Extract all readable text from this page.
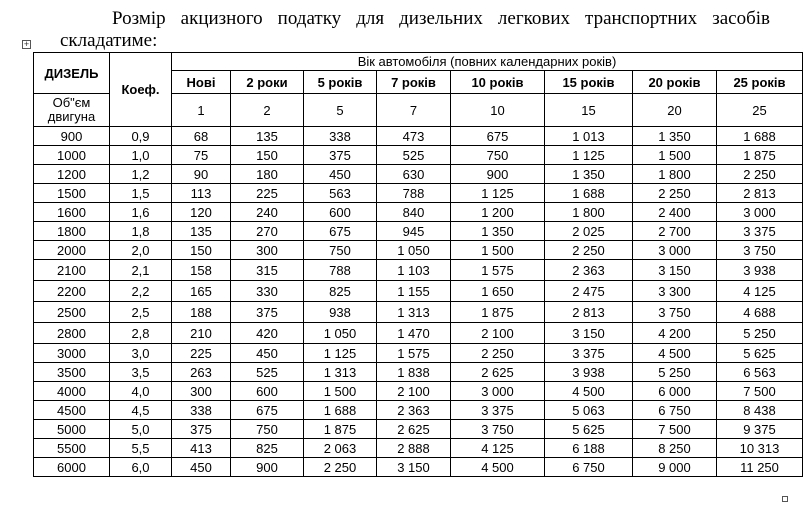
Розмір акцизного податку для дизельних легкових транспортних засобів складатиме:
+
ДИЗЕЛЬ	Коеф.	Вік автомобіля (повних календарних років)							
		Нові	2 роки	5 років	7 років	10 років	15 років	20 років	25 років
Об"єм двигуна		1	2	5	7	10	15	20	25
900	0,9	68	135	338	473	675	1 013	1 350	1 688
1000	1,0	75	150	375	525	750	1 125	1 500	1 875
1200	1,2	90	180	450	630	900	1 350	1 800	2 250
1500	1,5	113	225	563	788	1 125	1 688	2 250	2 813
1600	1,6	120	240	600	840	1 200	1 800	2 400	3 000
1800	1,8	135	270	675	945	1 350	2 025	2 700	3 375
2000	2,0	150	300	750	1 050	1 500	2 250	3 000	3 750
2100	2,1	158	315	788	1 103	1 575	2 363	3 150	3 938
2200	2,2	165	330	825	1 155	1 650	2 475	3 300	4 125
2500	2,5	188	375	938	1 313	1 875	2 813	3 750	4 688
2800	2,8	210	420	1 050	1 470	2 100	3 150	4 200	5 250
3000	3,0	225	450	1 125	1 575	2 250	3 375	4 500	5 625
3500	3,5	263	525	1 313	1 838	2 625	3 938	5 250	6 563
4000	4,0	300	600	1 500	2 100	3 000	4 500	6 000	7 500
4500	4,5	338	675	1 688	2 363	3 375	5 063	6 750	8 438
5000	5,0	375	750	1 875	2 625	3 750	5 625	7 500	9 375
5500	5,5	413	825	2 063	2 888	4 125	6 188	8 250	10 313
6000	6,0	450	900	2 250	3 150	4 500	6 750	9 000	11 250
